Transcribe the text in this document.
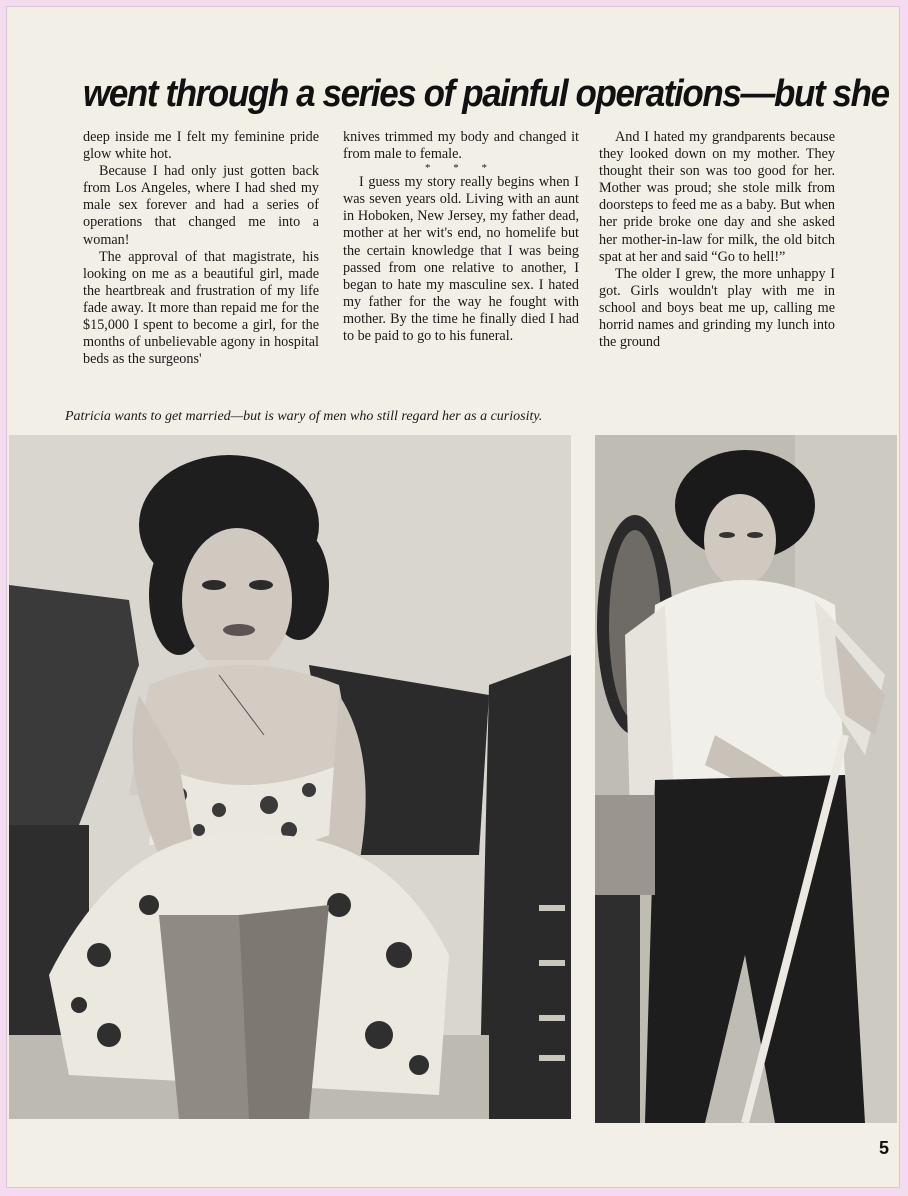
went through a series of painful operations—but she

deep inside me I felt my feminine pride glow white hot.

Because I had only just gotten back from Los Angeles, where I had shed my male sex forever and had a series of operations that changed me into a woman!

The approval of that magistrate, his looking on me as a beautiful girl, made the heartbreak and frustration of my life fade away. It more than repaid me for the $15,000 I spent to become a girl, for the months of unbelievable agony in hospital beds as the surgeons'

knives trimmed my body and changed it from male to female.

* * *

I guess my story really begins when I was seven years old. Living with an aunt in Hoboken, New Jersey, my father dead, mother at her wit's end, no homelife but the certain knowledge that I was being passed from one relative to another, I began to hate my masculine sex. I hated my father for the way he fought with mother. By the time he finally died I had to be paid to go to his funeral.

And I hated my grandparents because they looked down on my mother. They thought their son was too good for her. Mother was proud; she stole milk from doorsteps to feed me as a baby. But when her pride broke one day and she asked her mother-in-law for milk, the old bitch spat at her and said “Go to hell!”

The older I grew, the more unhappy I got. Girls wouldn't play with me in school and boys beat me up, calling me horrid names and grinding my lunch into the ground

Patricia wants to get married—but is wary of men who still regard her as a curiosity.
5
